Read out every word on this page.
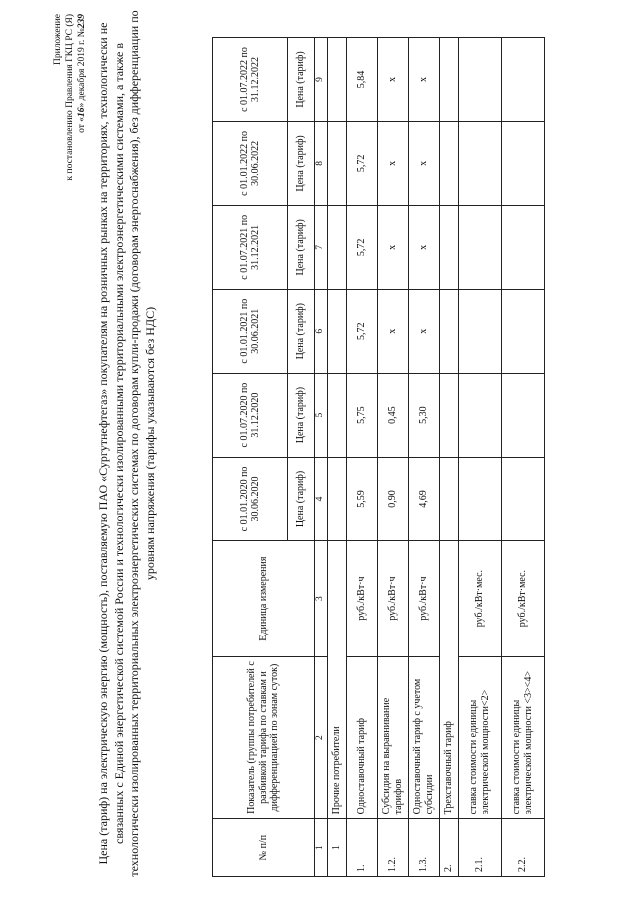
Приложение к постановлению Правления ГКЦ РС (Я) от «16» декабря 2019 г. №239
Цена (тариф) на электрическую энергию (мощность), поставляемую ПАО «Сургутнефтегаз» покупателям на розничных рынках на территориях, технологически не связанных с Единой энергетической системой России и технологически изолированными территориальными электроэнергетическими системами, а также в технологически изолированных территориальных электроэнергетических системах по договорам купли-продажи (договорам энергоснабжения), без дифференциации по уровням напряжения (тарифы указываются без НДС)
№ п/п	Показатель (группы потребителей с разбивкой тарифа по ставкам и дифференциацией по зонам суток)	Единица измерения	с 01.01.2020 по 30.06.2020	с 01.07.2020 по 31.12.2020	с 01.01.2021 по 30.06.2021	с 01.07.2021 по 31.12.2021	с 01.01.2022 по 30.06.2022	с 01.07.2022 по 31.12.2022
			Цена (тариф)	Цена (тариф)	Цена (тариф)	Цена (тариф)	Цена (тариф)	Цена (тариф)
1	2	3	4	5	6	7	8	9
1	Прочие потребители							
1.	Одноставочный тариф	руб./кВт·ч	5,59	5,75	5,72	5,72	5,72	5,84
1.2.	Субсидия на выравнивание тарифов	руб./кВт·ч	0,90	0,45	х	х	х	х
1.3.	Одноставочный тариф с учетом субсидии	руб./кВт·ч	4,69	5,30	х	х	х	х
2.	Трехставочный тариф							
2.1.	ставка стоимости единицы электрической мощности<2>	руб./кВт·мес.						
2.2.	ставка стоимости единицы электрической мощности <3><4>	руб./кВт·мес.						
